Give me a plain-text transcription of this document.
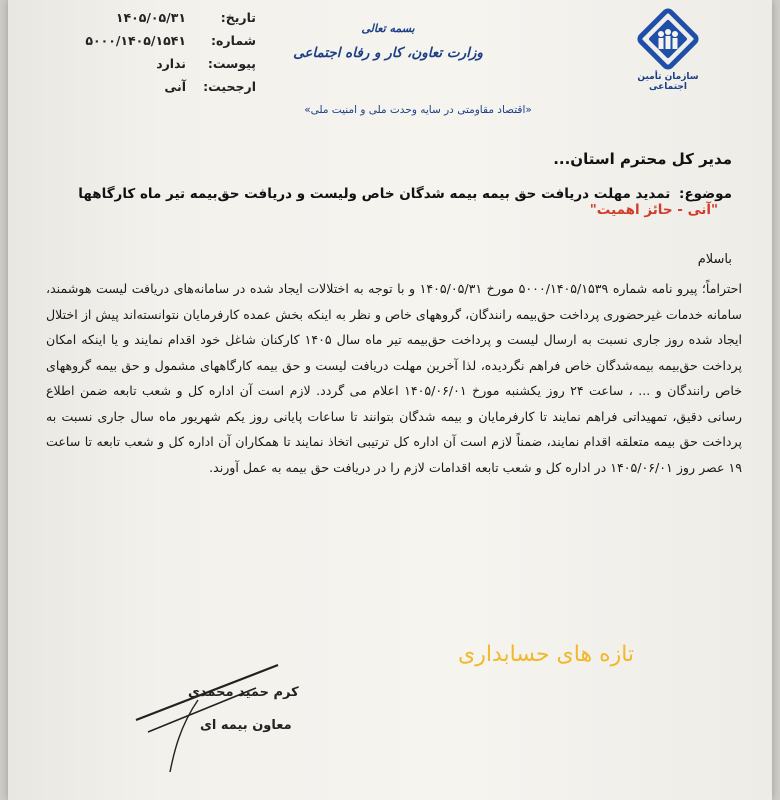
تاریخ:
۱۴۰۵/۰۵/۳۱
شماره:
۵۰۰۰/۱۴۰۵/۱۵۴۱
پیوست:
ندارد
ارجحیت:
آنی
بسمه تعالی
وزارت تعاون، کار و رفاه اجتماعی
«اقتصاد مقاومتی در سایه وحدت ملی و امنیت ملی»
سازمان تأمین اجتماعی
مدیر کل محترم استان...
موضوع: تمدید مهلت دریافت حق بیمه بیمه شدگان خاص ولیست و دریافت حق‌بیمه تیر ماه کارگاهها "آنی - حائز اهمیت"
باسلام

احتراماً؛ پیرو نامه شماره ۵۰۰۰/۱۴۰۵/۱۵۳۹ مورخ ۱۴۰۵/۰۵/۳۱ و با توجه به اختلالات ایجاد شده در سامانه‌های دریافت لیست هوشمند، سامانه خدمات غیرحضوری پرداخت حق‌بیمه رانندگان، گروههای خاص و نظر به اینکه بخش عمده کارفرمایان نتوانسته‌اند پیش از اختلال ایجاد شده روز جاری نسبت به ارسال لیست و پرداخت حق‌بیمه تیر ماه سال ۱۴۰۵ کارکنان شاغل خود اقدام نمایند و یا اینکه امکان پرداخت حق‌بیمه بیمه‌شدگان خاص فراهم نگردیده، لذا آخرین مهلت دریافت لیست و حق بیمه کارگاههای مشمول و حق بیمه گروههای خاص رانندگان و ... ، ساعت ۲۴ روز یکشنبه مورخ ۱۴۰۵/۰۶/۰۱ اعلام می گردد. لازم است آن اداره کل و شعب تابعه ضمن اطلاع رسانی دقیق، تمهیداتی فراهم نمایند تا کارفرمایان و بیمه شدگان بتوانند تا ساعات پایانی روز یکم شهریور ماه سال جاری نسبت به پرداخت حق بیمه متعلقه اقدام نمایند، ضمناً لازم است آن اداره کل ترتیبی اتخاذ نمایند تا همکاران آن اداره کل و شعب تابعه تا ساعت ۱۹ عصر روز ۱۴۰۵/۰۶/۰۱ در اداره کل و شعب تابعه اقدامات لازم را در دریافت حق بیمه به عمل آورند.

تازه های حسابداری
کرم حمید محمدی
معاون بیمه ای
